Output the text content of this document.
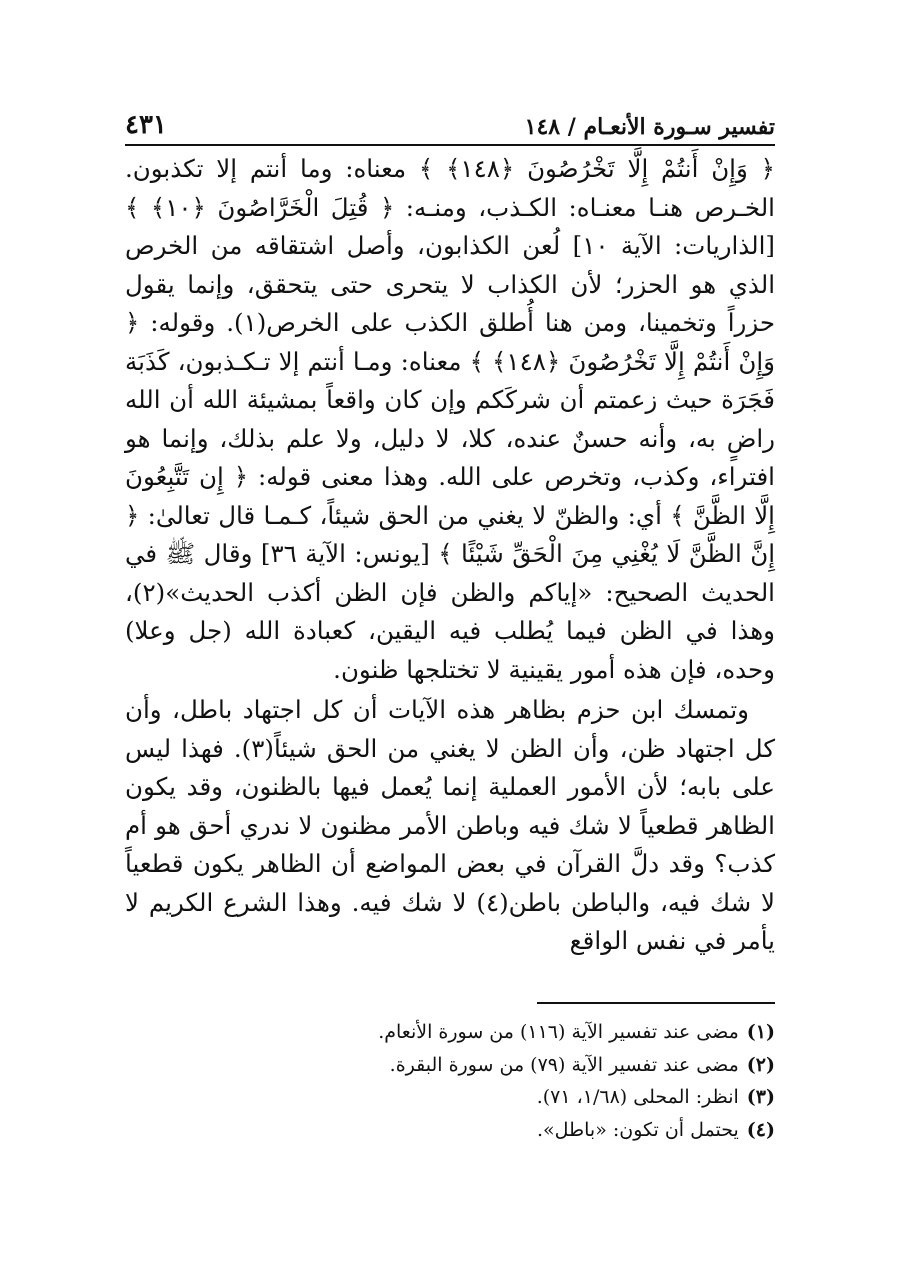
تفسير سـورة الأنعـام / ١٤٨
٤٣١

﴿ وَإِنْ أَنتُمْ إِلَّا تَخْرُصُونَ ﴿١٤٨﴾ ﴾ معناه: وما أنتم إلا تكذبون. الخـرص هنـا معنـاه: الكـذب، ومنـه: ﴿ قُتِلَ الْخَرَّاصُونَ ﴿١٠﴾ ﴾ [الذاريات: الآية ١٠] لُعن الكذابون، وأصل اشتقاقه من الخرص الذي هو الحزر؛ لأن الكذاب لا يتحرى حتى يتحقق، وإنما يقول حزراً وتخمينا، ومن هنا أُطلق الكذب على الخرص(١). وقوله: ﴿ وَإِنْ أَنتُمْ إِلَّا تَخْرُصُونَ ﴿١٤٨﴾ ﴾ معناه: ومـا أنتم إلا تـكـذبون، كَذَبَة فَجَرَة حيث زعمتم أن شركَكم وإن كان واقعاً بمشيئة الله أن الله راضٍ به، وأنه حسنٌ عنده، كلا، لا دليل، ولا علم بذلك، وإنما هو افتراء، وكذب، وتخرص على الله. وهذا معنى قوله: ﴿ إِن تَتَّبِعُونَ إِلَّا الظَّنَّ ﴾ أي: والظنّ لا يغني من الحق شيئاً، كـمـا قال تعالىٰ: ﴿ إِنَّ الظَّنَّ لَا يُغْنِي مِنَ الْحَقِّ شَيْئًا ﴾ [يونس: الآية ٣٦] وقال ﷺ في الحديث الصحيح: «إياكم والظن فإن الظن أكذب الحديث»(٢)، وهذا في الظن فيما يُطلب فيه اليقين، كعبادة الله (جل وعلا) وحده، فإن هذه أمور يقينية لا تختلجها ظنون.

وتمسك ابن حزم بظاهر هذه الآيات أن كل اجتهاد باطل، وأن كل اجتهاد ظن، وأن الظن لا يغني من الحق شيئاً(٣). فهذا ليس على بابه؛ لأن الأمور العملية إنما يُعمل فيها بالظنون، وقد يكون الظاهر قطعياً لا شك فيه وباطن الأمر مظنون لا ندري أحق هو أم كذب؟ وقد دلَّ القرآن في بعض المواضع أن الظاهر يكون قطعياً لا شك فيه، والباطن باطن(٤) لا شك فيه. وهذا الشرع الكريم لا يأمر في نفس الواقع

(١)مضى عند تفسير الآية (١١٦) من سورة الأنعام.
(٢)مضى عند تفسير الآية (٧٩) من سورة البقرة.
(٣)انظر: المحلى (١/٦٨، ٧١).
(٤)يحتمل أن تكون: «باطل».
